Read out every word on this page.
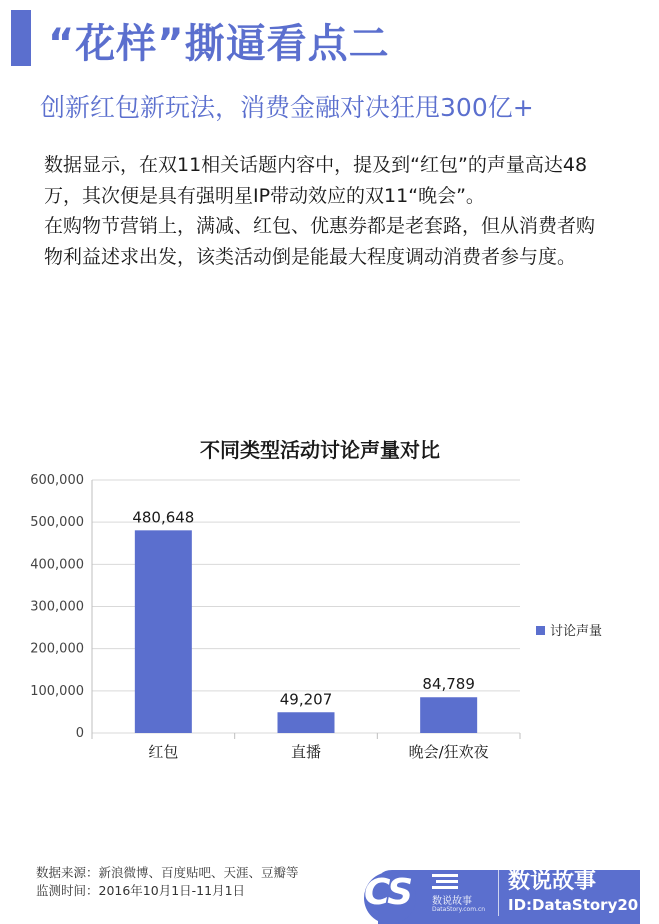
“花样”撕逼看点二
创新红包新玩法，消费金融对决狂甩300亿+

数据显示，在双11相关话题内容中，提及到“红包”的声量高达48万，其次便是具有强明星IP带动效应的双11“晚会”。

在购物节营销上，满减、红包、优惠券都是老套路，但从消费者购物利益述求出发，该类活动倒是能最大程度调动消费者参与度。

不同类型活动讨论声量对比
0
100,000
200,000
300,000
400,000
500,000
600,000
480,648
红包
49,207
直播
84,789
晚会/狂欢夜
讨论声量
数据来源：新浪微博、百度贴吧、天涯、豆瓣等
监测时间：2016年10月1日-11月1日	CS 数说故事
DataStory.com.cn
数说故事
ID:DataStory2015
